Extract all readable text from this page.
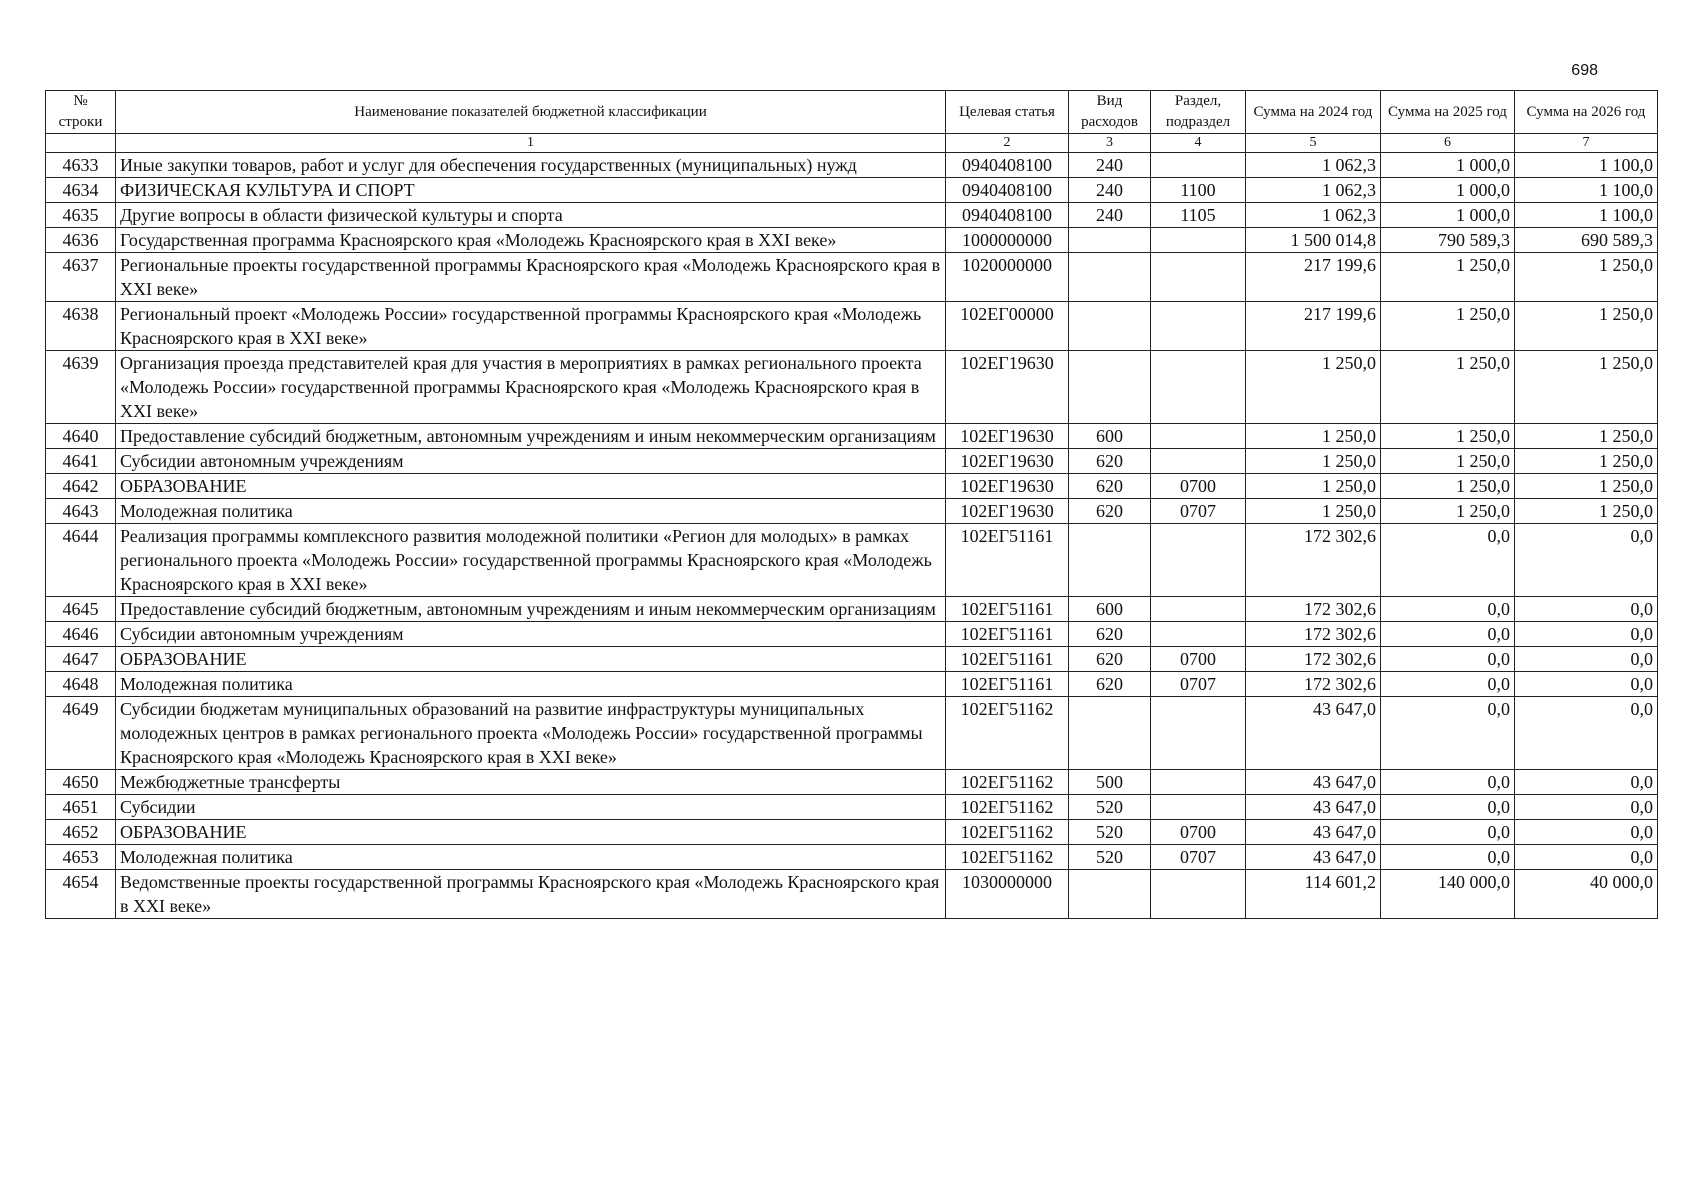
698
№ строки	Наименование показателей бюджетной классификации	Целевая статья	Вид расходов	Раздел, подраздел	Сумма на 2024 год	Сумма на 2025 год	Сумма на 2026 год
	1	2	3	4	5	6	7
4633	Иные закупки товаров, работ и услуг для обеспечения государственных (муниципальных) нужд	0940408100	240		1 062,3	1 000,0	1 100,0
4634	ФИЗИЧЕСКАЯ КУЛЬТУРА И СПОРТ	0940408100	240	1100	1 062,3	1 000,0	1 100,0
4635	Другие вопросы в области физической культуры и спорта	0940408100	240	1105	1 062,3	1 000,0	1 100,0
4636	Государственная программа Красноярского края «Молодежь Красноярского края в XXI веке»	1000000000			1 500 014,8	790 589,3	690 589,3
4637	Региональные проекты государственной программы Красноярского края «Молодежь Красноярского края в XXI веке»	1020000000			217 199,6	1 250,0	1 250,0
4638	Региональный проект «Молодежь России» государственной программы Красноярского края «Молодежь Красноярского края в XXI веке»	102ЕГ00000			217 199,6	1 250,0	1 250,0
4639	Организация проезда представителей края для участия в мероприятиях в рамках регионального проекта «Молодежь России» государственной программы Красноярского края «Молодежь Красноярского края в XXI веке»	102ЕГ19630			1 250,0	1 250,0	1 250,0
4640	Предоставление субсидий бюджетным, автономным учреждениям и иным некоммерческим организациям	102ЕГ19630	600		1 250,0	1 250,0	1 250,0
4641	Субсидии автономным учреждениям	102ЕГ19630	620		1 250,0	1 250,0	1 250,0
4642	ОБРАЗОВАНИЕ	102ЕГ19630	620	0700	1 250,0	1 250,0	1 250,0
4643	Молодежная политика	102ЕГ19630	620	0707	1 250,0	1 250,0	1 250,0
4644	Реализация программы комплексного развития молодежной политики «Регион для молодых» в рамках регионального проекта «Молодежь России» государственной программы Красноярского края «Молодежь Красноярского края в XXI веке»	102ЕГ51161			172 302,6	0,0	0,0
4645	Предоставление субсидий бюджетным, автономным учреждениям и иным некоммерческим организациям	102ЕГ51161	600		172 302,6	0,0	0,0
4646	Субсидии автономным учреждениям	102ЕГ51161	620		172 302,6	0,0	0,0
4647	ОБРАЗОВАНИЕ	102ЕГ51161	620	0700	172 302,6	0,0	0,0
4648	Молодежная политика	102ЕГ51161	620	0707	172 302,6	0,0	0,0
4649	Субсидии бюджетам муниципальных образований на развитие инфраструктуры муниципальных молодежных центров в рамках регионального проекта «Молодежь России» государственной программы Красноярского края «Молодежь Красноярского края в XXI веке»	102ЕГ51162			43 647,0	0,0	0,0
4650	Межбюджетные трансферты	102ЕГ51162	500		43 647,0	0,0	0,0
4651	Субсидии	102ЕГ51162	520		43 647,0	0,0	0,0
4652	ОБРАЗОВАНИЕ	102ЕГ51162	520	0700	43 647,0	0,0	0,0
4653	Молодежная политика	102ЕГ51162	520	0707	43 647,0	0,0	0,0
4654	Ведомственные проекты государственной программы Красноярского края «Молодежь Красноярского края в XXI веке»	1030000000			114 601,2	140 000,0	40 000,0
